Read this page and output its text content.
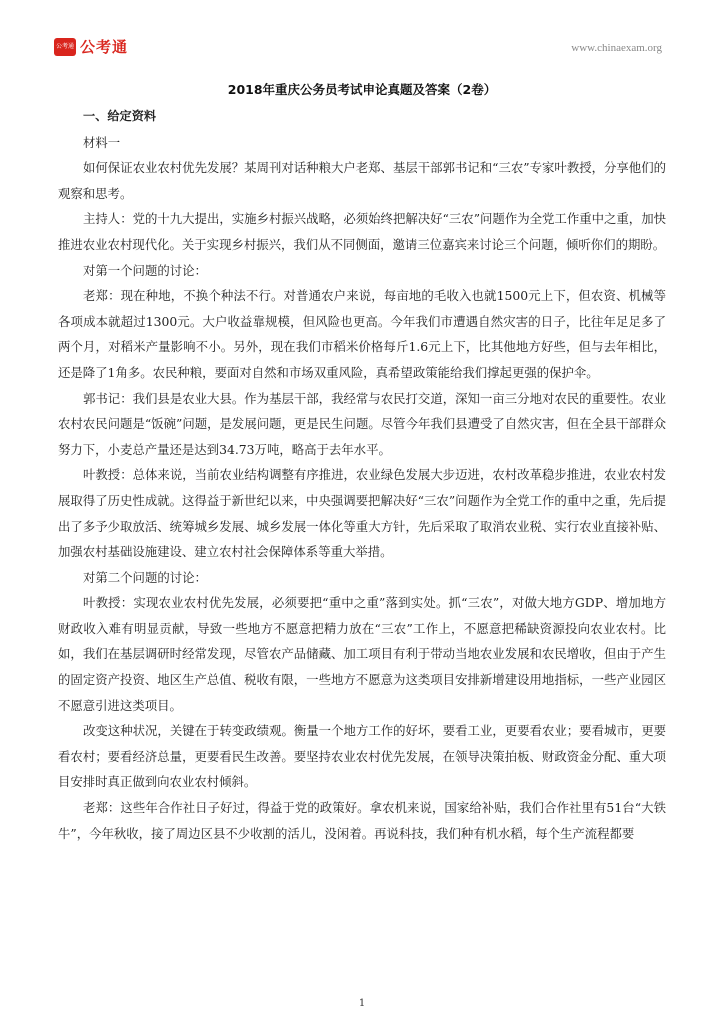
公考通 公考通	www.chinaexam.org
2018年重庆公务员考试申论真题及答案（2卷）
一、给定资料

材料一

如何保证农业农村优先发展？某周刊对话种粮大户老郑、基层干部郭书记和“三农”专家叶教授，分享他们的观察和思考。

主持人：党的十九大提出，实施乡村振兴战略，必须始终把解决好“三农”问题作为全党工作重中之重，加快推进农业农村现代化。关于实现乡村振兴，我们从不同侧面，邀请三位嘉宾来讨论三个问题，倾听你们的期盼。

对第一个问题的讨论：

老郑：现在种地，不换个种法不行。对普通农户来说，每亩地的毛收入也就1500元上下，但农资、机械等各项成本就超过1300元。大户收益靠规模，但风险也更高。今年我们市遭遇自然灾害的日子，比往年足足多了两个月，对稻米产量影响不小。另外，现在我们市稻米价格每斤1.6元上下，比其他地方好些，但与去年相比，还是降了1角多。农民种粮，要面对自然和市场双重风险，真希望政策能给我们撑起更强的保护伞。

郭书记：我们县是农业大县。作为基层干部，我经常与农民打交道，深知一亩三分地对农民的重要性。农业农村农民问题是“饭碗”问题，是发展问题，更是民生问题。尽管今年我们县遭受了自然灾害，但在全县干部群众努力下，小麦总产量还是达到34.73万吨，略高于去年水平。

叶教授：总体来说，当前农业结构调整有序推进，农业绿色发展大步迈进，农村改革稳步推进，农业农村发展取得了历史性成就。这得益于新世纪以来，中央强调要把解决好“三农”问题作为全党工作的重中之重，先后提出了多予少取放活、统筹城乡发展、城乡发展一体化等重大方针，先后采取了取消农业税、实行农业直接补贴、加强农村基础设施建设、建立农村社会保障体系等重大举措。

对第二个问题的讨论：

叶教授：实现农业农村优先发展，必须要把“重中之重”落到实处。抓“三农”，对做大地方GDP、增加地方财政收入难有明显贡献，导致一些地方不愿意把精力放在“三农”工作上，不愿意把稀缺资源投向农业农村。比如，我们在基层调研时经常发现，尽管农产品储藏、加工项目有利于带动当地农业发展和农民增收，但由于产生的固定资产投资、地区生产总值、税收有限，一些地方不愿意为这类项目安排新增建设用地指标，一些产业园区不愿意引进这类项目。

改变这种状况，关键在于转变政绩观。衡量一个地方工作的好坏，要看工业，更要看农业；要看城市，更要看农村；要看经济总量，更要看民生改善。要坚持农业农村优先发展，在领导决策拍板、财政资金分配、重大项目安排时真正做到向农业农村倾斜。

老郑：这些年合作社日子好过，得益于党的政策好。拿农机来说，国家给补贴，我们合作社里有51台“大铁牛”，今年秋收，接了周边区县不少收割的活儿，没闲着。再说科技，我们种有机水稻，每个生产流程都要

1
